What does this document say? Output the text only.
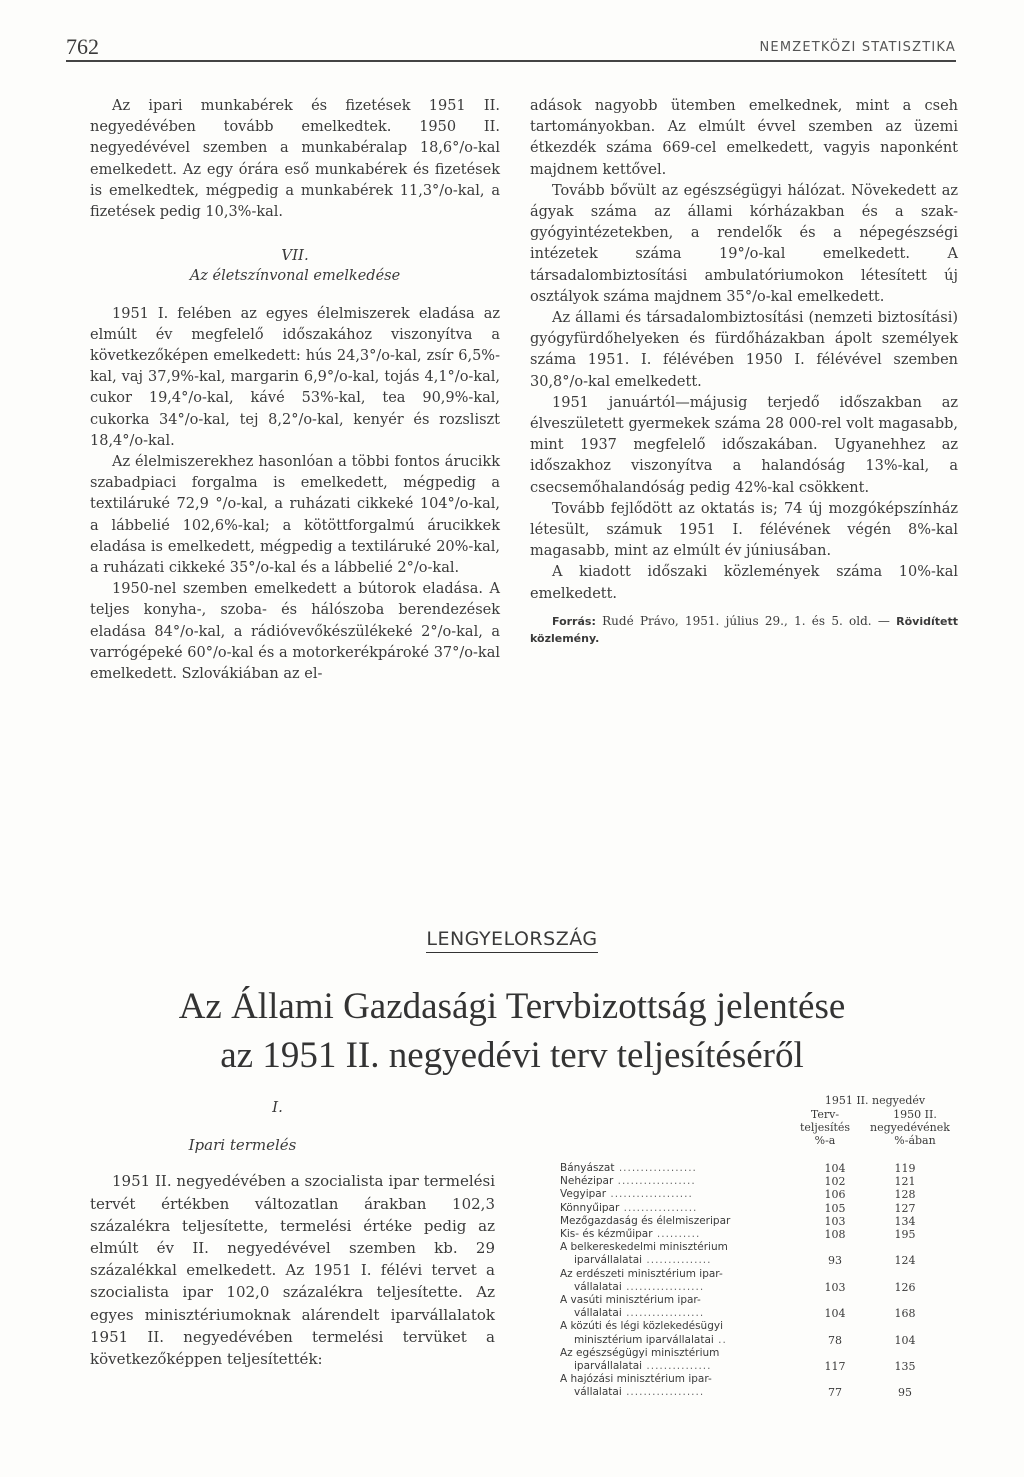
762	NEMZETKÖZI STATISZTIKA

Az ipari munkabérek és fizetések 1951 II. negyedévében tovább emelkedtek. 1950 II. negyedévével szemben a munkabéralap 18,6°/o-kal emelkedett. Az egy órára eső munkabérek és fizetések is emelkedtek, mégpedig a munkabérek 11,3°/o-kal, a fizetések pedig 10,3%-kal.

VII.
Az életszínvonal emelkedése

1951 I. felében az egyes élelmiszerek eladása az elmúlt év megfelelő időszakához viszonyítva a következőképen emelkedett: hús 24,3°/o-kal, zsír 6,5%-kal, vaj 37,9%-kal, margarin 6,9°/o-kal, tojás 4,1°/o-kal, cukor 19,4°/o-kal, kávé 53%-kal, tea 90,9%-kal, cukorka 34°/o-kal, tej 8,2°/o-kal, kenyér és rozsliszt 18,4°/o-kal.

Az élelmiszerekhez hasonlóan a többi fontos árucikk szabadpiaci forgalma is emelkedett, mégpedig a textiláruké 72,9 °/o-kal, a ruházati cikkeké 104°/o-kal, a lábbelié 102,6%-kal; a kötöttforgalmú árucikkek eladása is emelkedett, mégpedig a textiláruké 20%-kal, a ruházati cikkeké 35°/o-kal és a lábbelié 2°/o-kal.

1950-nel szemben emelkedett a bútorok eladása. A teljes konyha-, szoba- és hálószoba berendezések eladása 84°/o-kal, a rádióvevőkészülékeké 2°/o-kal, a varrógépeké 60°/o-kal és a motorkerékpároké 37°/o-kal emelkedett. Szlovákiában az el-

adások nagyobb ütemben emelkednek, mint a cseh tartományokban. Az elmúlt évvel szemben az üzemi étkezdék száma 669-cel emelkedett, vagyis naponként majdnem kettővel.

Tovább bővült az egészségügyi hálózat. Növekedett az ágyak száma az állami kórházakban és a szak-gyógyintézetekben, a rendelők és a népegészségi intézetek száma 19°/o-kal emelkedett. A társadalombiztosítási ambulatóriumokon létesített új osztályok száma majdnem 35°/o-kal emelkedett.

Az állami és társadalombiztosítási (nemzeti biztosítási) gyógyfürdőhelyeken és fürdőházakban ápolt személyek száma 1951. I. félévében 1950 I. félévével szemben 30,8°/o-kal emelkedett.

1951 januártól—májusig terjedő időszakban az élveszületett gyermekek száma 28 000-rel volt magasabb, mint 1937 megfelelő időszakában. Ugyanehhez az időszakhoz viszonyítva a halandóság 13%-kal, a csecsemőhalandóság pedig 42%-kal csökkent.

Tovább fejlődött az oktatás is; 74 új mozgóképszínház létesült, számuk 1951 I. félévének végén 8%-kal magasabb, mint az elmúlt év júniusában.

A kiadott időszaki közlemények száma 10%-kal emelkedett.

Forrás: Rudé Právo, 1951. július 29., 1. és 5. old. — Rövidített közlemény.
LENGYELORSZÁG
Az Állami Gazdasági Tervbizottság jelentése
az 1951 II. negyedévi terv teljesítéséről
I.
Ipari termelés

1951 II. negyedévében a szocialista ipar termelési tervét értékben változatlan árakban 102,3 százalékra teljesítette, termelési értéke pedig az elmúlt év II. negyedévével szemben kb. 29 százalékkal emelkedett. Az 1951 I. félévi tervet a szocialista ipar 102,0 százalékra teljesítette. Az egyes minisztériumoknak alárendelt iparvállalatok 1951 II. negyedévében termelési tervüket a következőképpen teljesítették:

1951 II. negyedév
Terv-
teljesítés
%-a
1950 II.
negyedévének
%-ában
Bányászat ..................	104	119
Nehézipar ..................	102	121
Vegyipar ...................	106	128
Könnyűipar .................	105	127
Mezőgazdaság és élelmiszeripar	103	134
Kis- és kézműipar ..........	108	195
A belkereskedelmi minisztérium
iparvállalatai ...............	93	124
Az erdészeti minisztérium ipar-
vállalatai ..................	103	126
A vasúti minisztérium ipar-
vállalatai ..................	104	168
A közúti és légi közlekedésügyi
minisztérium iparvállalatai ..	78	104
Az egészségügyi minisztérium
iparvállalatai ...............	117	135
A hajózási minisztérium ipar-
vállalatai ..................	77	95
